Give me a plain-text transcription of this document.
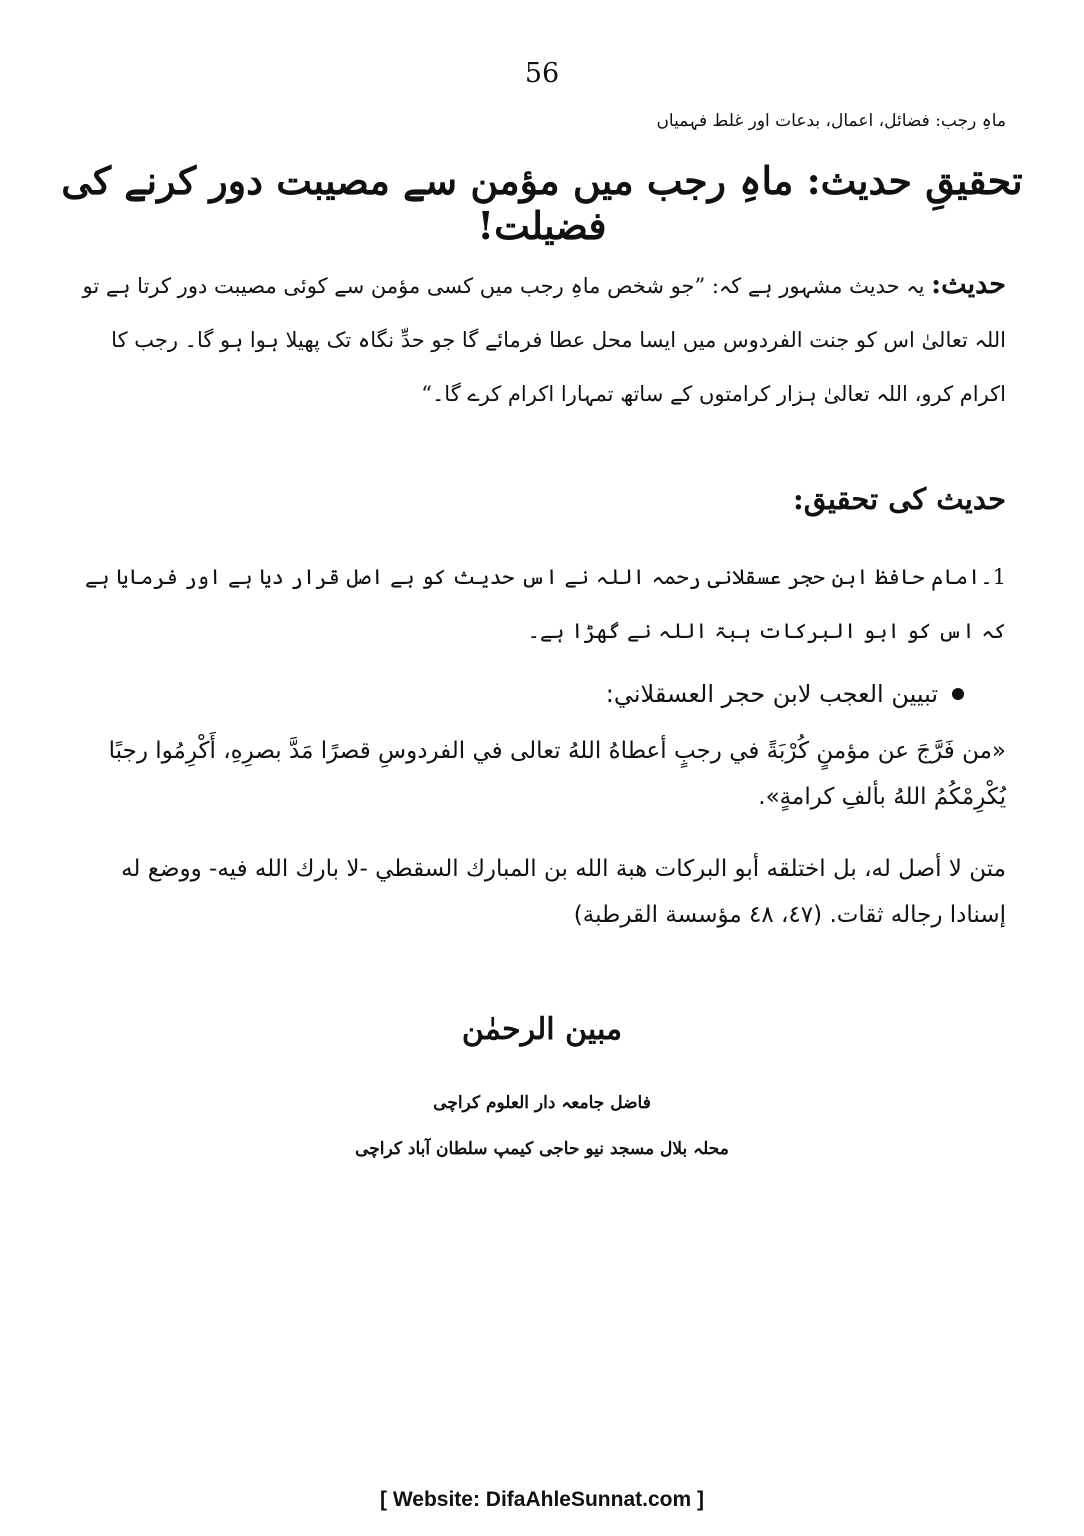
56
ماہِ رجب: فضائل، اعمال، بدعات اور غلط فہمیاں
تحقیقِ حدیث: ماہِ رجب میں مؤمن سے مصیبت دور کرنے کی فضیلت!
حدیث: یہ حدیث مشہور ہے کہ: ”جو شخص ماہِ رجب میں کسی مؤمن سے کوئی مصیبت دور کرتا ہے تو اللہ تعالیٰ اس کو جنت الفردوس میں ایسا محل عطا فرمائے گا جو حدِّ نگاہ تک پھیلا ہوا ہو گا۔ رجب کا اکرام کرو، اللہ تعالیٰ ہزار کرامتوں کے ساتھ تمہارا اکرام کرے گا۔“
حدیث کی تحقیق:
1۔امام حافظ ابن حجر عسقلانی رحمہ اللہ نے اس حدیث کو بے اصل قرار دیا ہے اور فرمایا ہے کہ اس کو ابو البرکات ہبۃ اللہ نے گھڑا ہے۔
تبيين العجب لابن حجر العسقلاني:
«من فَرَّجَ عن مؤمنٍ كُرْبَةً في رجبٍ أعطاهُ اللهُ تعالى في الفردوسِ قصرًا مَدَّ بصرِهِ، أَكْرِمُوا رجبًا يُكْرِمْكُمُ اللهُ بألفِ كرامةٍ».
متن لا أصل له، بل اختلقه أبو البركات هبة الله بن المبارك السقطي -لا بارك الله فيه- ووضع له إسنادا رجاله ثقات. (٤٧، ٤٨ مؤسسة القرطبة)
مبین الرحمٰن
فاضل جامعہ دار العلوم کراچی
محلہ بلال مسجد نیو حاجی کیمپ سلطان آباد کراچی
[ Website: DifaAhleSunnat.com ]
